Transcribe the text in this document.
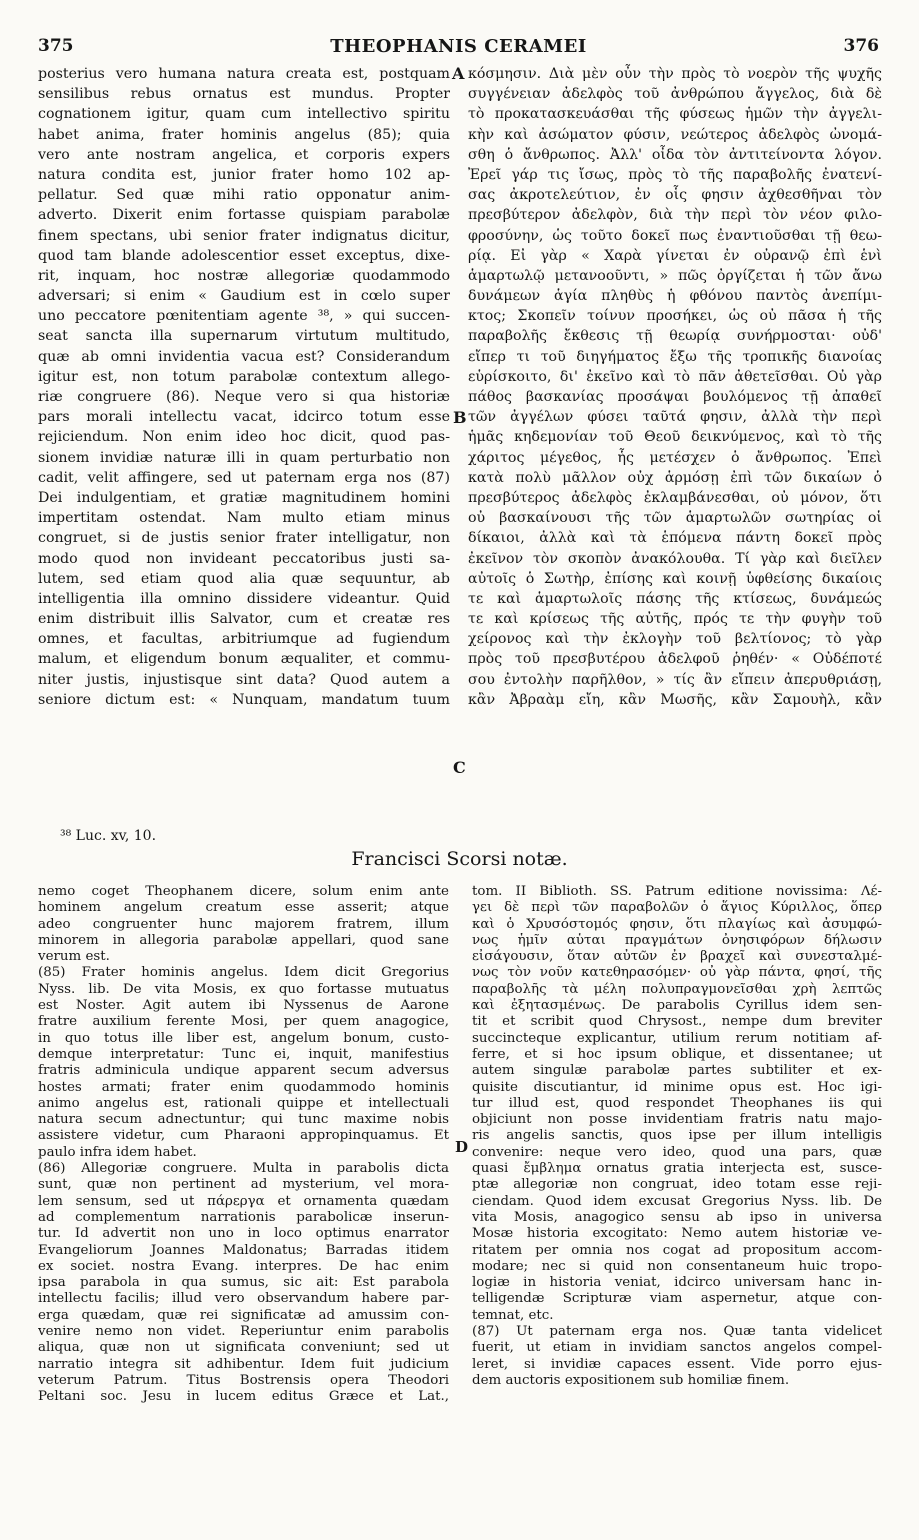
375	THEOPHANIS CERAMEI	376
posterius vero humana natura creata est, postquam
sensilibus rebus ornatus est mundus. Propter
cognationem igitur, quam cum intellectivo spiritu
habet anima, frater hominis angelus (85); quia
vero ante nostram angelica, et corporis expers
natura condita est, junior frater homo 102 ap-
pellatur. Sed quæ mihi ratio opponatur anim-
adverto. Dixerit enim fortasse quispiam parabolæ
finem spectans, ubi senior frater indignatus dicitur,
quod tam blande adolescentior esset exceptus, dixe-
rit, inquam, hoc nostræ allegoriæ quodammodo
adversari; si enim « Gaudium est in cœlo super
uno peccatore pœnitentiam agente ³⁸, » qui succen-
seat sancta illa supernarum virtutum multitudo,
quæ ab omni invidentia vacua est? Considerandum
igitur est, non totum parabolæ contextum allego-
riæ congruere (86). Neque vero si qua historiæ
pars morali intellectu vacat, idcirco totum esse
rejiciendum. Non enim ideo hoc dicit, quod pas-
sionem invidiæ naturæ illi in quam perturbatio non
cadit, velit affingere, sed ut paternam erga nos (87)
Dei indulgentiam, et gratiæ magnitudinem homini
impertitam ostendat. Nam multo etiam minus
congruet, si de justis senior frater intelligatur, non
modo quod non invideant peccatoribus justi sa-
lutem, sed etiam quod alia quæ sequuntur, ab
intelligentia illa omnino dissidere videantur. Quid
enim distribuit illis Salvator, cum et creatæ res
omnes, et facultas, arbitriumque ad fugiendum
malum, et eligendum bonum æqualiter, et commu-
niter justis, injustisque sint data? Quod autem a
seniore dictum est: « Nunquam, mandatum tuum
κόσμησιν. Διὰ μὲν οὖν τὴν πρὸς τὸ νοερὸν τῆς ψυχῆς
συγγένειαν ἀδελφὸς τοῦ ἀνθρώπου ἄγγελος, διὰ δὲ
τὸ προκατασκευάσθαι τῆς φύσεως ἡμῶν τὴν ἀγγελι-
κὴν καὶ ἀσώματον φύσιν, νεώτερος ἀδελφὸς ὠνομά-
σθη ὁ ἄνθρωπος. Ἀλλ' οἶδα τὸν ἀντιτείνοντα λόγον.
Ἐρεῖ γάρ τις ἴσως, πρὸς τὸ τῆς παραβολῆς ἐνατενί-
σας ἀκροτελεύτιον, ἐν οἷς φησιν ἀχθεσθῆναι τὸν
πρεσβύτερον ἀδελφὸν, διὰ τὴν περὶ τὸν νέον φιλο-
φροσύνην, ὡς τοῦτο δοκεῖ πως ἐναντιοῦσθαι τῇ θεω-
ρίᾳ. Εἰ γὰρ « Χαρὰ γίνεται ἐν οὐρανῷ ἐπὶ ἑνὶ
ἁμαρτωλῷ μετανοοῦντι, » πῶς ὀργίζεται ἡ τῶν ἄνω
δυνάμεων ἁγία πληθὺς ἡ φθόνου παντὸς ἀνεπίμι-
κτος; Σκοπεῖν τοίνυν προσήκει, ὡς οὐ πᾶσα ἡ τῆς
παραβολῆς ἔκθεσις τῇ θεωρίᾳ συνήρμοσται· οὐδ'
εἴπερ τι τοῦ διηγήματος ἔξω τῆς τροπικῆς διανοίας
εὑρίσκοιτο, δι' ἐκεῖνο καὶ τὸ πᾶν ἀθετεῖσθαι. Οὐ γὰρ
πάθος βασκανίας προσάψαι βουλόμενος τῇ ἀπαθεῖ
τῶν ἀγγέλων φύσει ταῦτά φησιν, ἀλλὰ τὴν περὶ
ἡμᾶς κηδεμονίαν τοῦ Θεοῦ δεικνύμενος, καὶ τὸ τῆς
χάριτος μέγεθος, ἧς μετέσχεν ὁ ἄνθρωπος. Ἐπεὶ
κατὰ πολὺ μᾶλλον οὐχ ἁρμόσῃ ἐπὶ τῶν δικαίων ὁ
πρεσβύτερος ἀδελφὸς ἐκλαμβάνεσθαι, οὐ μόνον, ὅτι
οὐ βασκαίνουσι τῆς τῶν ἁμαρτωλῶν σωτηρίας οἱ
δίκαιοι, ἀλλὰ καὶ τὰ ἑπόμενα πάντη δοκεῖ πρὸς
ἐκεῖνον τὸν σκοπὸν ἀνακόλουθα. Τί γὰρ καὶ διεῖλεν
αὐτοῖς ὁ Σωτὴρ, ἐπίσης καὶ κοινῇ ὑφθείσης δικαίοις
τε καὶ ἁμαρτωλοῖς πάσης τῆς κτίσεως, δυνάμεώς
τε καὶ κρίσεως τῆς αὐτῆς, πρός τε τὴν φυγὴν τοῦ
χείρονος καὶ τὴν ἐκλογὴν τοῦ βελτίονος; τὸ γὰρ
πρὸς τοῦ πρεσβυτέρου ἀδελφοῦ ῥηθέν· « Οὐδέποτέ
σου ἐντολὴν παρῆλθον, » τίς ἂν εἴπειν ἀπερυθριάσῃ,
κἂν Ἀβραὰμ εἴη, κἂν Μωσῆς, κἂν Σαμουὴλ, κἂν
A
B
C
³⁸ Luc. xv, 10.
Francisci Scorsi notæ.
nemo coget Theophanem dicere, solum enim ante
hominem angelum creatum esse asserit; atque
adeo congruenter hunc majorem fratrem, illum
minorem in allegoria parabolæ appellari, quod sane
verum est.
(85) Frater hominis angelus. Idem dicit Gregorius
Nyss. lib. De vita Mosis, ex quo fortasse mutuatus
est Noster. Agit autem ibi Nyssenus de Aarone
fratre auxilium ferente Mosi, per quem anagogice,
in quo totus ille liber est, angelum bonum, custo-
demque interpretatur: Tunc ei, inquit, manifestius
fratris adminicula undique apparent secum adversus
hostes armati; frater enim quodammodo hominis
animo angelus est, rationali quippe et intellectuali
natura secum adnectuntur; qui tunc maxime nobis
assistere videtur, cum Pharaoni appropinquamus. Et
paulo infra idem habet.
(86) Allegoriæ congruere. Multa in parabolis dicta
sunt, quæ non pertinent ad mysterium, vel mora-
lem sensum, sed ut πάρεργα et ornamenta quædam
ad complementum narrationis parabolicæ inserun-
tur. Id advertit non uno in loco optimus enarrator
Evangeliorum Joannes Maldonatus; Barradas itidem
ex societ. nostra Evang. interpres. De hac enim
ipsa parabola in qua sumus, sic ait: Est parabola
intellectu facilis; illud vero observandum habere par-
erga quædam, quæ rei significatæ ad amussim con-
venire nemo non videt. Reperiuntur enim parabolis
aliqua, quæ non ut significata conveniunt; sed ut
narratio integra sit adhibentur. Idem fuit judicium
veterum Patrum. Titus Bostrensis opera Theodori
Peltani soc. Jesu in lucem editus Græce et Lat.,
tom. II Biblioth. SS. Patrum editione novissima: Λέ-
γει δὲ περὶ τῶν παραβολῶν ὁ ἅγιος Κύριλλος, ὅπερ
καὶ ὁ Χρυσόστομός φησιν, ὅτι πλαγίως καὶ ἀσυμφώ-
νως ἡμῖν αὗται πραγμάτων ὀνησιφόρων δήλωσιν
εἰσάγουσιν, ὅταν αὐτῶν ἐν βραχεῖ καὶ συνεσταλμέ-
νως τὸν νοῦν κατεθηρασόμεν· οὐ γὰρ πάντα, φησί, τῆς
παραβολῆς τὰ μέλη πολυπραγμονεῖσθαι χρὴ λεπτῶς
καὶ ἐξητασμένως. De parabolis Cyrillus idem sen-
tit et scribit quod Chrysost., nempe dum breviter
succincteque explicantur, utilium rerum notitiam af-
ferre, et si hoc ipsum oblique, et dissentanee; ut
autem singulæ parabolæ partes subtiliter et ex-
quisite discutiantur, id minime opus est. Hoc igi-
tur illud est, quod respondet Theophanes iis qui
objiciunt non posse invidentiam fratris natu majo-
ris angelis sanctis, quos ipse per illum intelligis
convenire: neque vero ideo, quod una pars, quæ
quasi ἔμβλημα ornatus gratia interjecta est, susce-
ptæ allegoriæ non congruat, ideo totam esse reji-
ciendam. Quod idem excusat Gregorius Nyss. lib. De
vita Mosis, anagogico sensu ab ipso in universa
Mosæ historia excogitato: Nemo autem historiæ ve-
ritatem per omnia nos cogat ad propositum accom-
modare; nec si quid non consentaneum huic tropo-
logiæ in historia veniat, idcirco universam hanc in-
telligendæ Scripturæ viam aspernetur, atque con-
temnat, etc.
(87) Ut paternam erga nos. Quæ tanta videlicet
fuerit, ut etiam in invidiam sanctos angelos compel-
leret, si invidiæ capaces essent. Vide porro ejus-
dem auctoris expositionem sub homiliæ finem.
D
